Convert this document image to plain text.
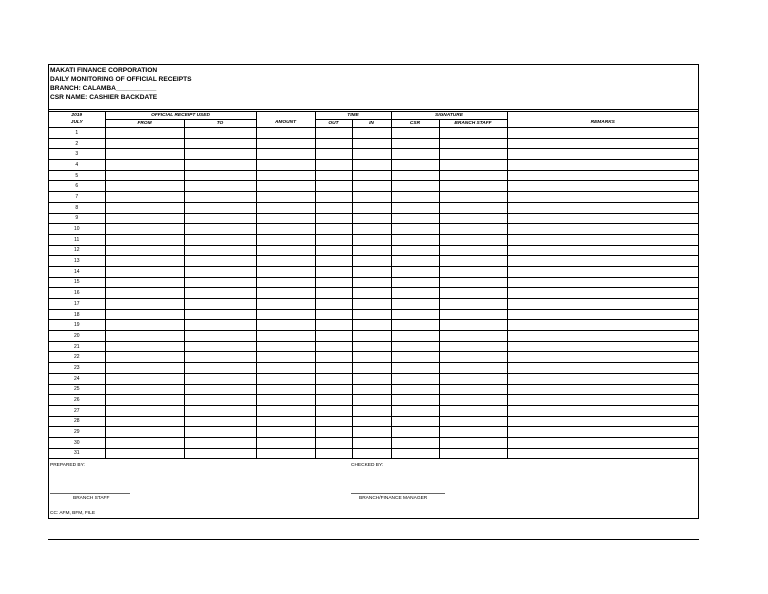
MAKATI FINANCE CORPORATION
DAILY MONITORING OF OFFICIAL RECEIPTS
BRANCH: CALAMBA___________
CSR NAME: CASHIER BACKDATE
2019	OFFICIAL RECEIPT USED			TIME		SIGNATURE		
JULY	FROM	TO	AMOUNT	OUT	IN	CSR	BRANCH STAFF	REMARKS
1								
2								
3								
4								
5								
6								
7								
8								
9								
10								
11								
12								
13								
14								
15								
16								
17								
18								
19								
20								
21								
22								
23								
24								
25								
26								
27								
28								
29								
30								
31								
PREPARED BY:	CHECKED BY:
BRANCH STAFF	BRANCH/FINANCE MANAGER
CC: AFM, BFM, FILE
